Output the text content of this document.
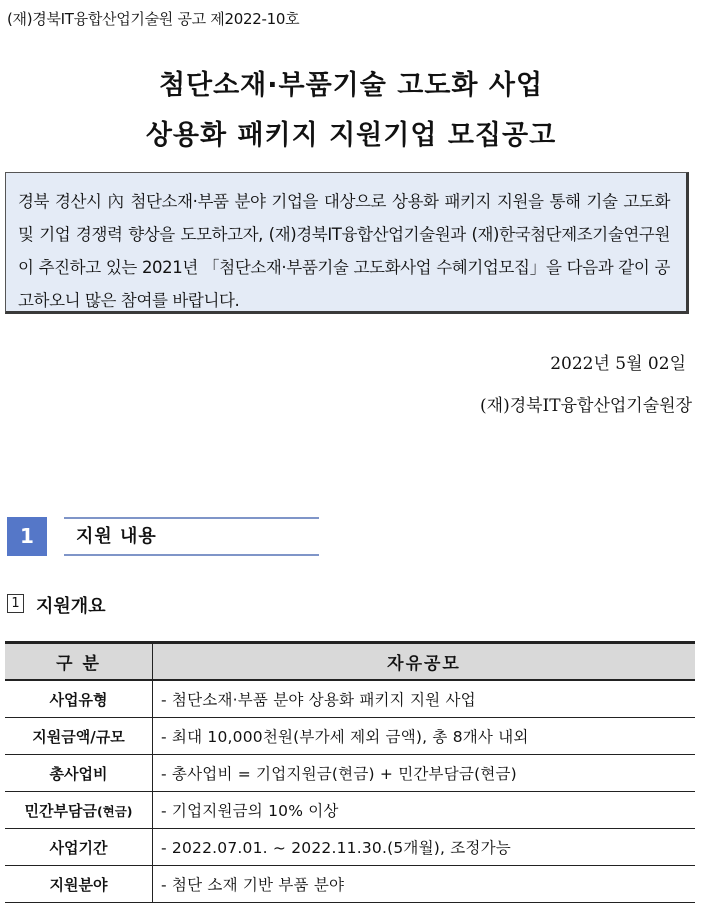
(재)경북IT융합산업기술원 공고 제2022-10호
첨단소재·부품기술 고도화 사업
상용화 패키지 지원기업 모집공고
경북 경산시 內 첨단소재·부품 분야 기업을 대상으로 상용화 패키지 지원을 통해 기술 고도화 및 기업 경쟁력 향상을 도모하고자, (재)경북IT융합산업기술원과 (재)한국첨단제조기술연구원이 추진하고 있는 2021년 「첨단소재·부품기술 고도화사업 수혜기업모집」을 다음과 같이 공고하오니 많은 참여를 바랍니다.
2022년 5월 02일
(재)경북IT융합산업기술원장
1	지원 내용
1 지원개요
구 분	자유공모
사업유형	- 첨단소재·부품 분야 상용화 패키지 지원 사업
지원금액/규모	- 최대 10,000천원(부가세 제외 금액), 총 8개사 내외
총사업비	- 총사업비 = 기업지원금(현금) + 민간부담금(현금)
민간부담금(현금)	- 기업지원금의 10% 이상
사업기간	- 2022.07.01. ~ 2022.11.30.(5개월), 조정가능
지원분야	- 첨단 소재 기반 부품 분야
